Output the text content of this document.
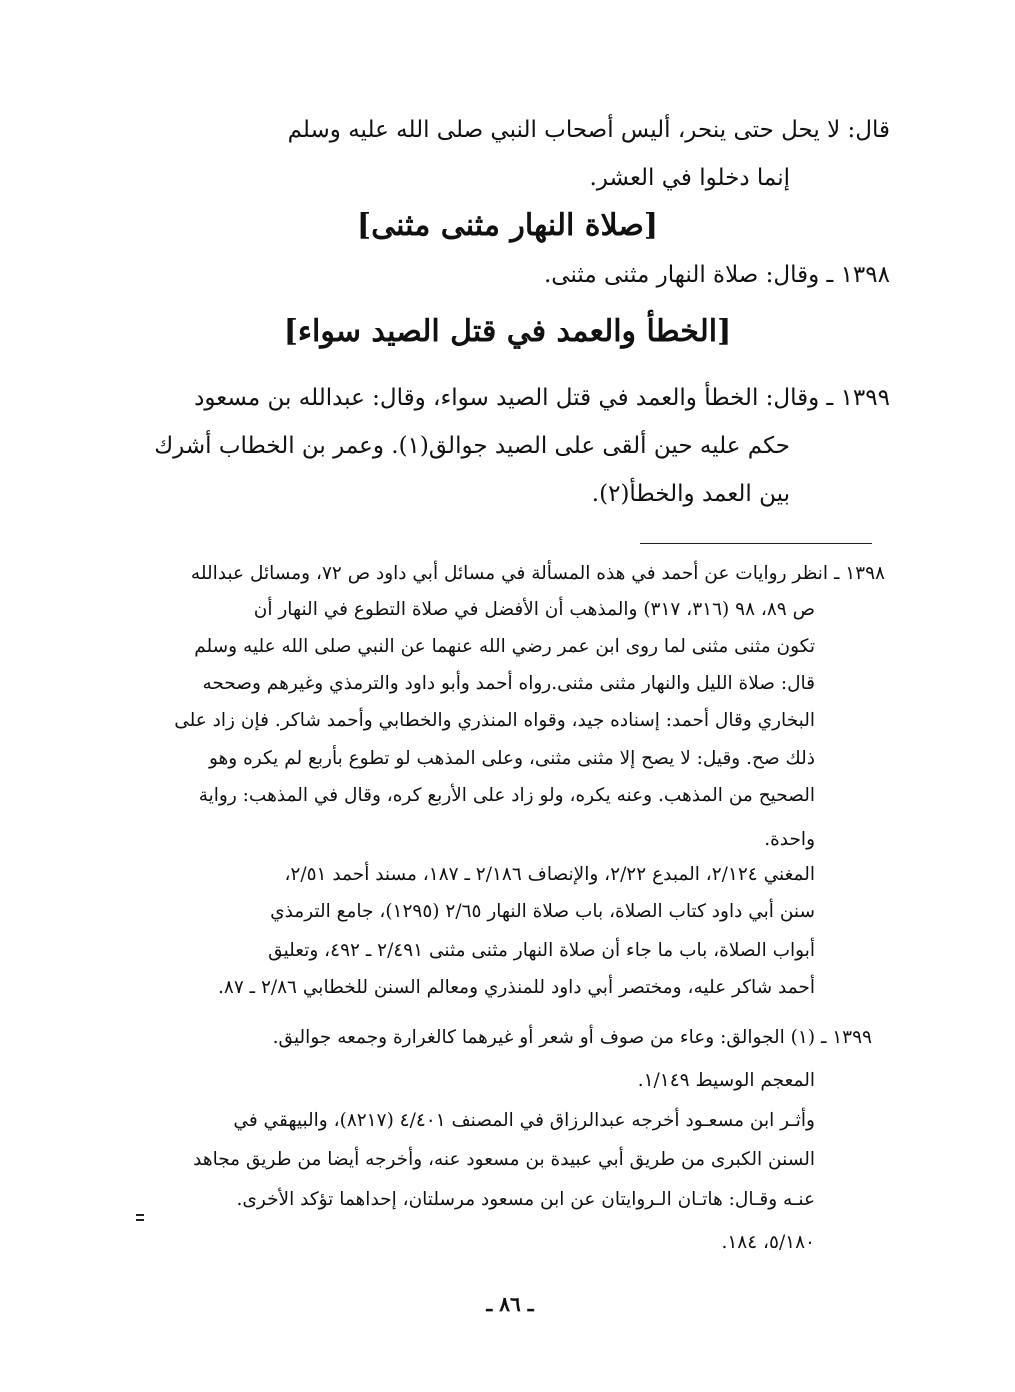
قال: لا يحل حتى ينحر، أليس أصحاب النبي صلى الله عليه وسلم
إنما دخلوا في العشر.
[صلاة النهار مثنى مثنى]
١٣٩٨ ـ وقال: صلاة النهار مثنى مثنى.
[الخطأ والعمد في قتل الصيد سواء]
١٣٩٩ ـ وقال: الخطأ والعمد في قتل الصيد سواء، وقال: عبدالله بن مسعود
حكم عليه حين ألقى على الصيد جوالق(١). وعمر بن الخطاب أشرك
بين العمد والخطأ(٢).
١٣٩٨ ـ انظر روايات عن أحمد في هذه المسألة في مسائل أبي داود ص ٧٢، ومسائل عبدالله
ص ٨٩، ٩٨ (٣١٦، ٣١٧) والمذهب أن الأفضل في صلاة التطوع في النهار أن
تكون مثنى مثنى لما روى ابن عمر رضي الله عنهما عن النبي صلى الله عليه وسلم
قال: صلاة الليل والنهار مثنى مثنى.رواه أحمد وأبو داود والترمذي وغيرهم وصححه
البخاري وقال أحمد: إسناده جيد، وقواه المنذري والخطابي وأحمد شاكر. فإن زاد على
ذلك صح. وقيل: لا يصح إلا مثنى مثنى، وعلى المذهب لو تطوع بأربع لم يكره وهو
الصحيح من المذهب. وعنه يكره، ولو زاد على الأربع كره، وقال في المذهب: رواية
واحدة.
المغني ٢/١٢٤، المبدع ٢/٢٢، والإنصاف ٢/١٨٦ ـ ١٨٧، مسند أحمد ٢/٥١،
سنن أبي داود كتاب الصلاة، باب صلاة النهار ٢/٦٥ (١٢٩٥)، جامع الترمذي
أبواب الصلاة، باب ما جاء أن صلاة النهار مثنى مثنى ٢/٤٩١ ـ ٤٩٢، وتعليق
أحمد شاكر عليه، ومختصر أبي داود للمنذري ومعالم السنن للخطابي ٢/٨٦ ـ ٨٧.
١٣٩٩ ـ (١) الجوالق: وعاء من صوف أو شعر أو غيرهما كالغرارة وجمعه جواليق.
المعجم الوسيط ١/١٤٩.
وأثـر ابن مسعـود أخرجه عبدالرزاق في المصنف ٤/٤٠١ (٨٢١٧)، والبيهقي في
السنن الكبرى من طريق أبي عبيدة بن مسعود عنه، وأخرجه أيضا من طريق مجاهد
عنـه وقـال: هاتـان الـروايتان عن ابن مسعود مرسلتان، إحداهما تؤكد الأخرى.
٥/١٨٠، ١٨٤.
ـ ٨٦ ـ
